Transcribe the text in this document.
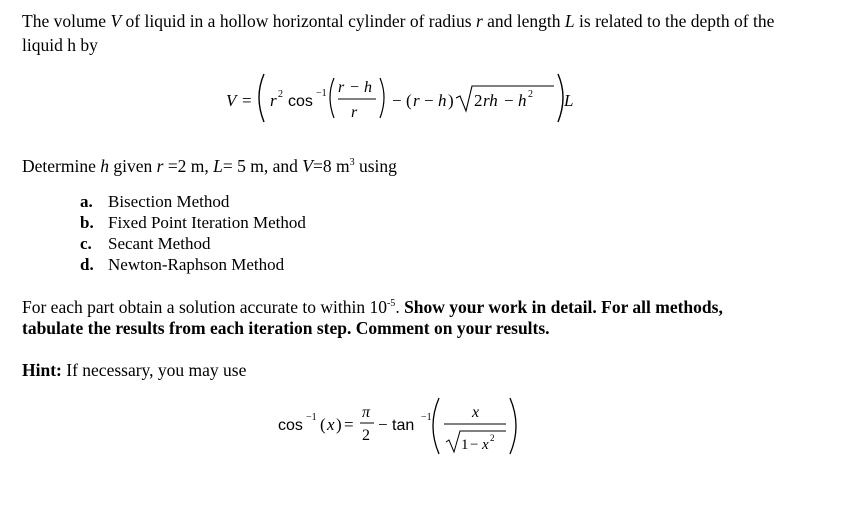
The volume V of liquid in a hollow horizontal cylinder of radius r and length L is related to the depth of the
liquid h by
V = r 2 cos −1 r − h
r
− ( r − h ) 2 rh − h 2 L
Determine h given r =2 m, L= 5 m, and V=8 $m^3$ using
a. Bisection Method
b. Fixed Point Iteration Method
c. Secant Method
d. Newton-Raphson Method
For each part obtain a solution accurate to within $10^{-5}$. Show your work in detail. For all methods,
tabulate the results from each iteration step. Comment on your results.
Hint: If necessary, you may use
cos −1 ( x ) =
π
2
− tan −1	x
1 − x 2
